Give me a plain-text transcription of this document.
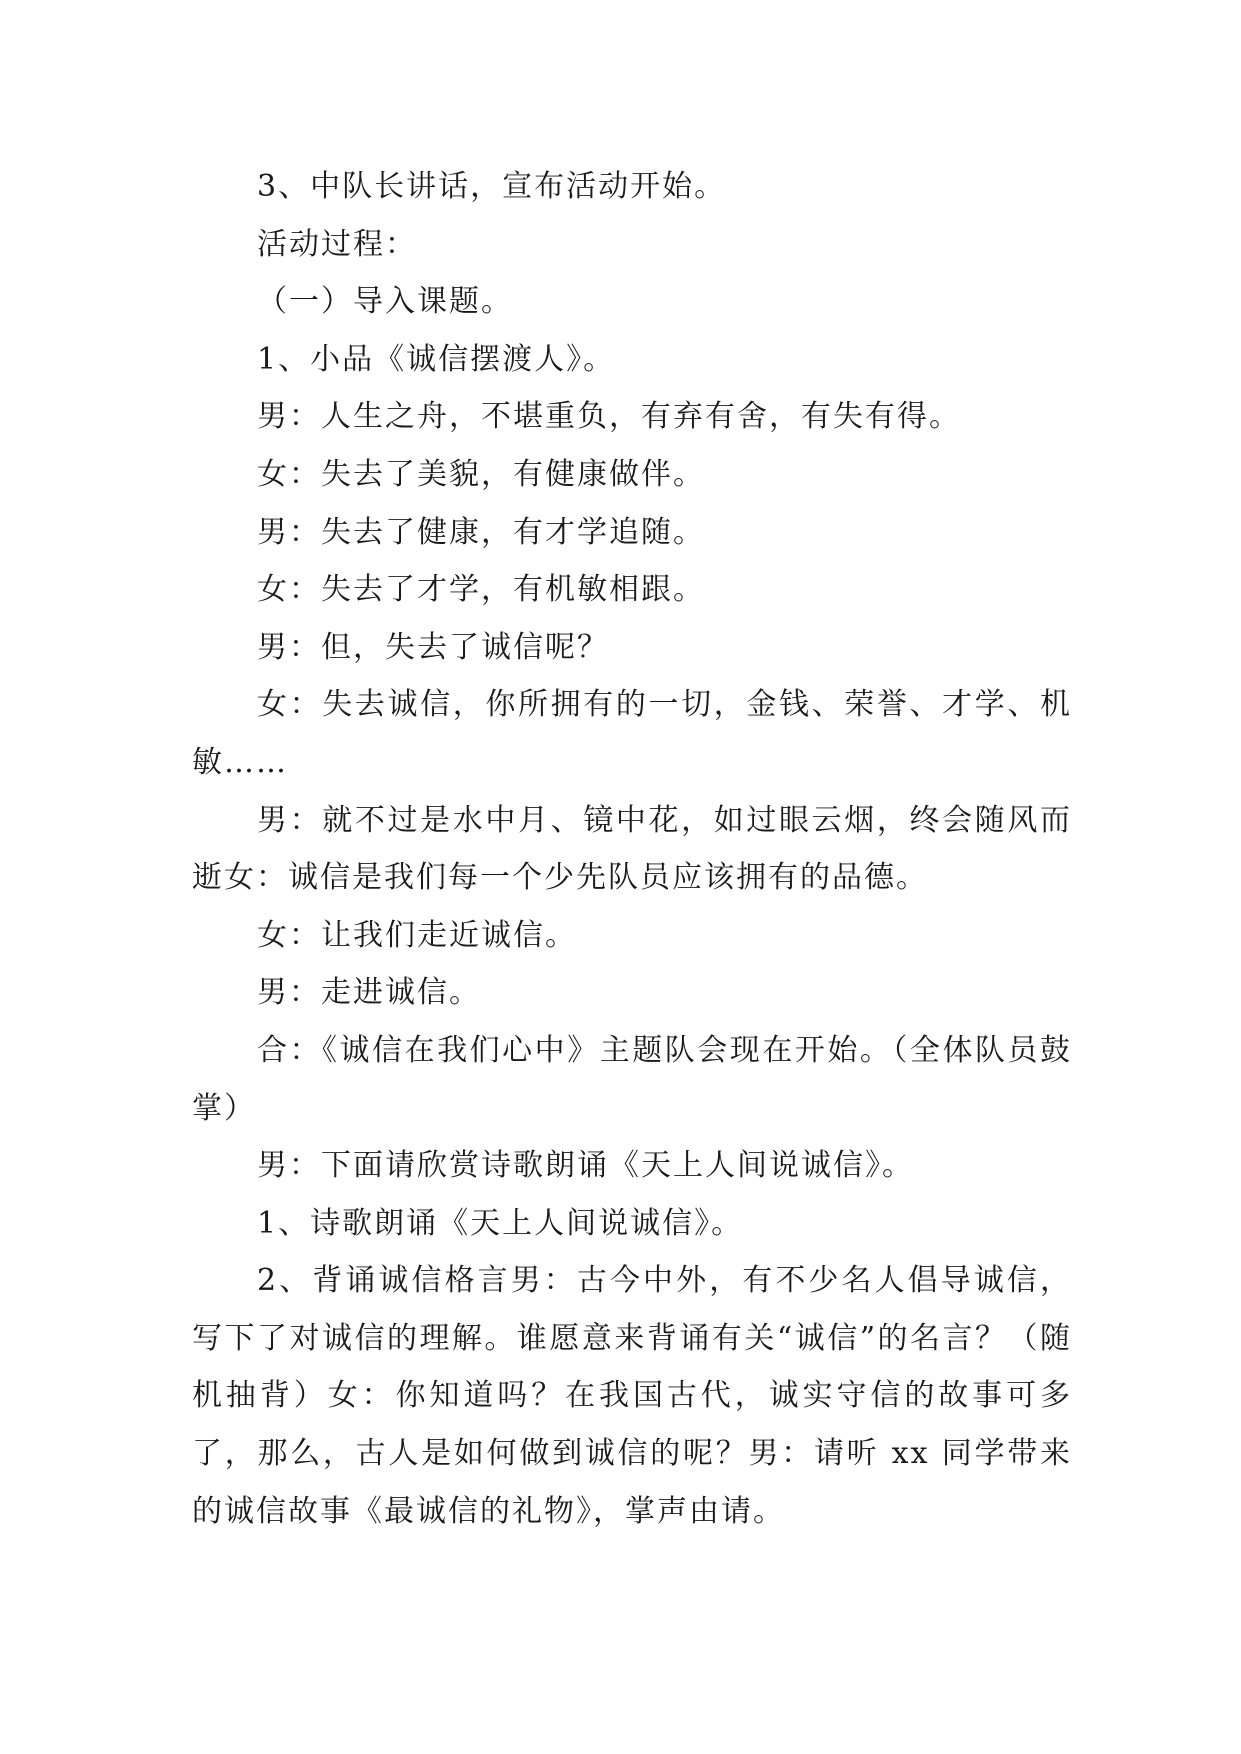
3、中队长讲话，宣布活动开始。

活动过程：

（一）导入课题。

1、小品《诚信摆渡人》。

男：人生之舟，不堪重负，有弃有舍，有失有得。

女：失去了美貌，有健康做伴。

男：失去了健康，有才学追随。

女：失去了才学，有机敏相跟。

男：但，失去了诚信呢？

女：失去诚信，你所拥有的一切，金钱、荣誉、才学、机敏……

男：就不过是水中月、镜中花，如过眼云烟，终会随风而逝女：诚信是我们每一个少先队员应该拥有的品德。

女：让我们走近诚信。

男：走进诚信。

合：《诚信在我们心中》主题队会现在开始。（全体队员鼓掌）

男：下面请欣赏诗歌朗诵《天上人间说诚信》。

1、诗歌朗诵《天上人间说诚信》。

2、背诵诚信格言男：古今中外，有不少名人倡导诚信，写下了对诚信的理解。谁愿意来背诵有关“诚信”的名言？（随机抽背）女：你知道吗？在我国古代，诚实守信的故事可多了，那么，古人是如何做到诚信的呢？男：请听 xx 同学带来的诚信故事《最诚信的礼物》，掌声由请。
